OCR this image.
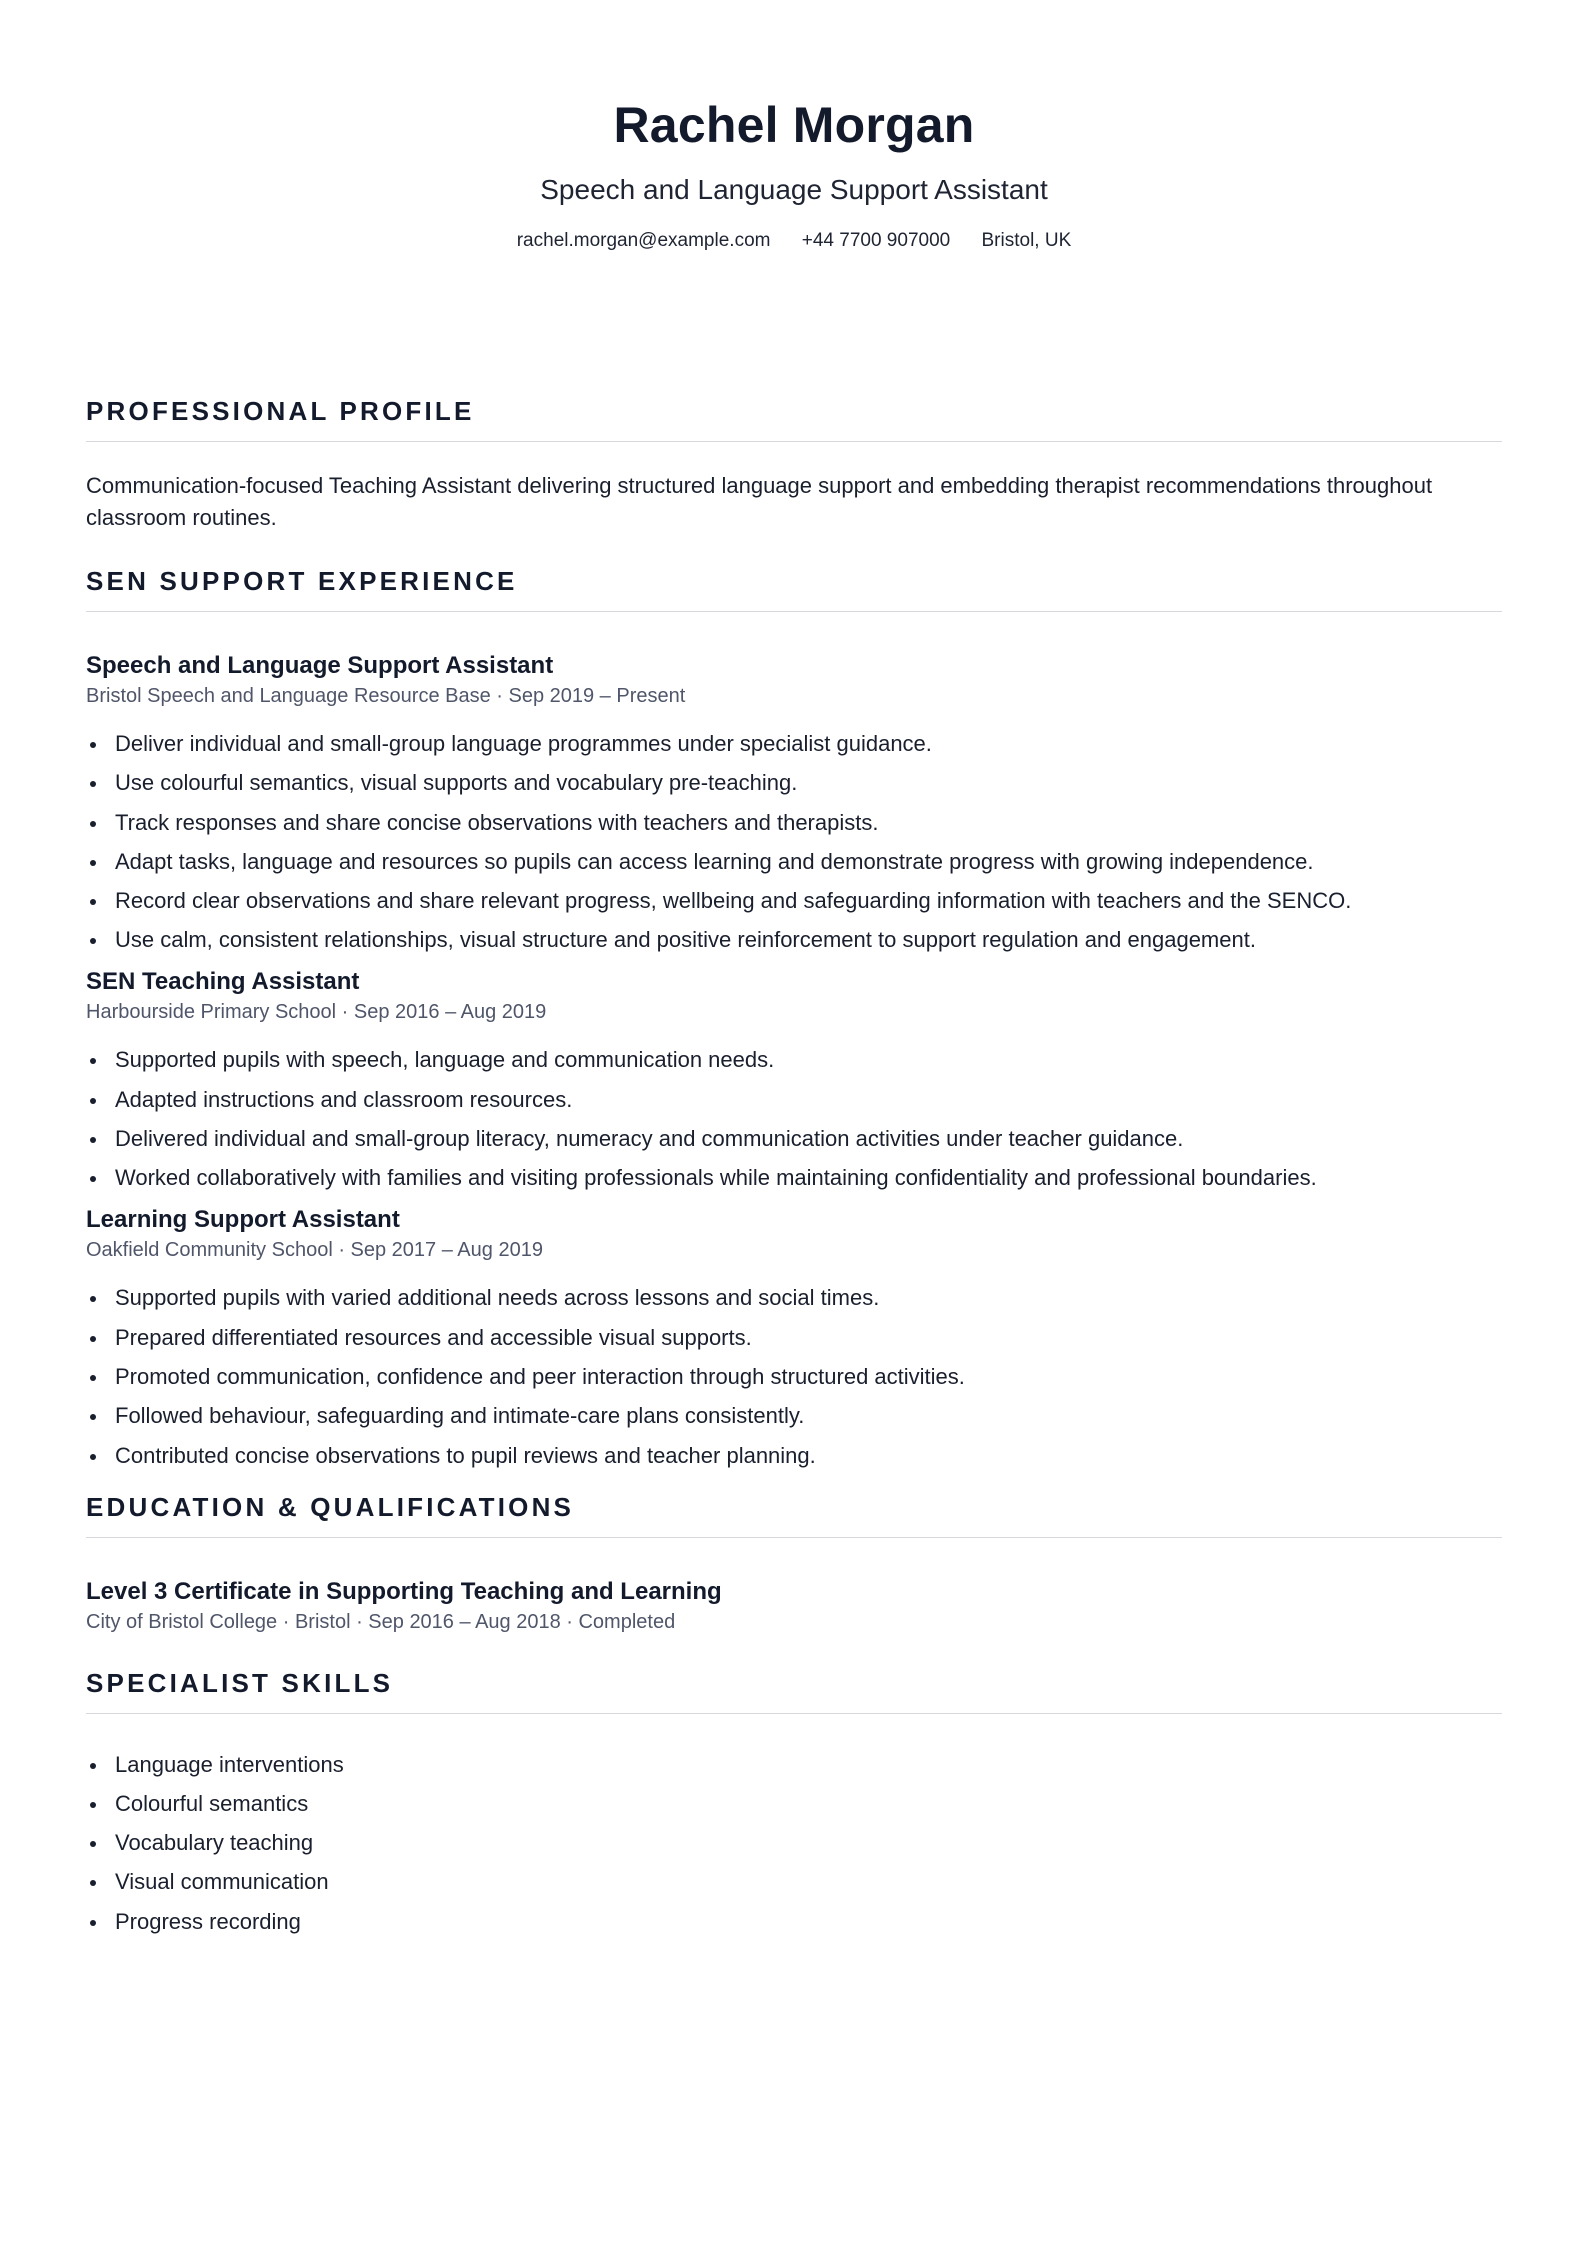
Rachel Morgan
Speech and Language Support Assistant
rachel.morgan@example.com +44 7700 907000 Bristol, UK
PROFESSIONAL PROFILE

Communication-focused Teaching Assistant delivering structured language support and embedding therapist recommendations throughout classroom routines.

SEN SUPPORT EXPERIENCE
Speech and Language Support Assistant
Bristol Speech and Language Resource Base · Sep 2019 – Present
Deliver individual and small-group language programmes under specialist guidance.
Use colourful semantics, visual supports and vocabulary pre-teaching.
Track responses and share concise observations with teachers and therapists.
Adapt tasks, language and resources so pupils can access learning and demonstrate progress with growing independence.
Record clear observations and share relevant progress, wellbeing and safeguarding information with teachers and the SENCO.
Use calm, consistent relationships, visual structure and positive reinforcement to support regulation and engagement.
SEN Teaching Assistant
Harbourside Primary School · Sep 2016 – Aug 2019
Supported pupils with speech, language and communication needs.
Adapted instructions and classroom resources.
Delivered individual and small-group literacy, numeracy and communication activities under teacher guidance.
Worked collaboratively with families and visiting professionals while maintaining confidentiality and professional boundaries.
Learning Support Assistant
Oakfield Community School · Sep 2017 – Aug 2019
Supported pupils with varied additional needs across lessons and social times.
Prepared differentiated resources and accessible visual supports.
Promoted communication, confidence and peer interaction through structured activities.
Followed behaviour, safeguarding and intimate-care plans consistently.
Contributed concise observations to pupil reviews and teacher planning.
EDUCATION & QUALIFICATIONS
Level 3 Certificate in Supporting Teaching and Learning
City of Bristol College · Bristol · Sep 2016 – Aug 2018 · Completed
SPECIALIST SKILLS
Language interventions
Colourful semantics
Vocabulary teaching
Visual communication
Progress recording
